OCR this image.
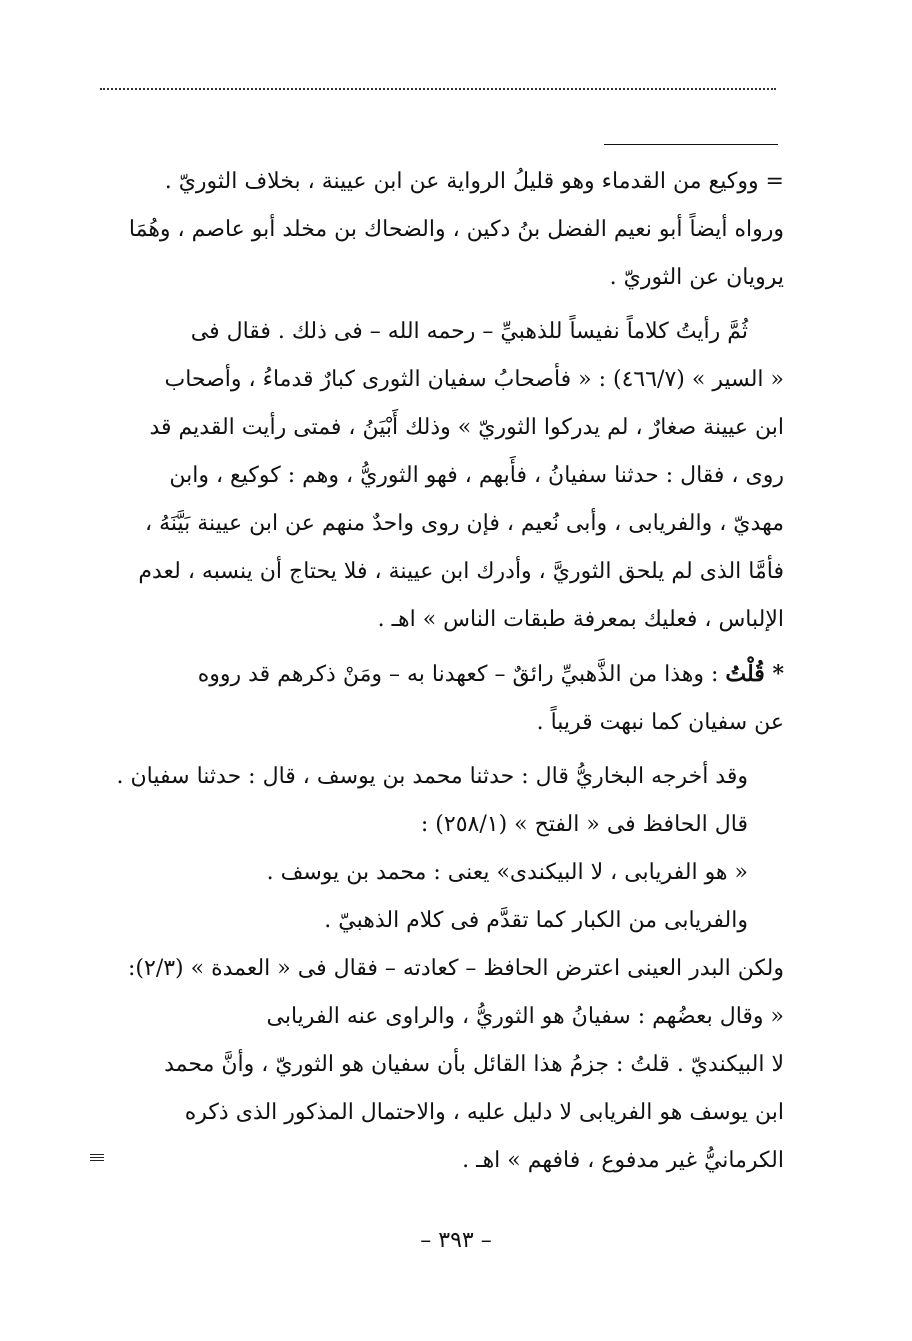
= ووكيع من القدماء وهو قليلُ الرواية عن ابن عيينة ، بخلاف الثوريّ .

ورواه أيضاً أبو نعيم الفضل بنُ دكين ، والضحاك بن مخلد أبو عاصم ، وهُمَا

يرويان عن الثوريّ .

ثُمَّ رأيتُ كلاماً نفيساً للذهبيِّ – رحمه الله – فى ذلك . فقال فى

« السير » (٤٦٦/٧) : « فأصحابُ سفيان الثورى كبارٌ قدماءُ ، وأصحاب

ابن عيينة صغارٌ ، لم يدركوا الثوريّ » وذلك أَبْيَنُ ، فمتى رأيت القديم قد

روى ، فقال : حدثنا سفيانُ ، فأَبهم ، فهو الثوريُّ ، وهم : كوكيع ، وابن

مهديّ ، والفريابى ، وأبى نُعيم ، فإن روى واحدٌ منهم عن ابن عيينة بَيَّنَهُ ،

فأمَّا الذى لم يلحق الثوريَّ ، وأدرك ابن عيينة ، فلا يحتاج أن ينسبه ، لعدم

الإلباس ، فعليك بمعرفة طبقات الناس » اهـ .

* قُلْتُ : وهذا من الذَّهبيِّ رائقٌ – كعهدنا به – ومَنْ ذكرهم قد رووه

عن سفيان كما نبهت قريباً .

وقد أخرجه البخاريُّ قال : حدثنا محمد بن يوسف ، قال : حدثنا سفيان .

قال الحافظ فى « الفتح » (٢٥٨/١) :

« هو الفريابى ، لا البيكندى» يعنى : محمد بن يوسف .

والفريابى من الكبار كما تقدَّم فى كلام الذهبيّ .

ولكن البدر العينى اعترض الحافظ – كعادته – فقال فى « العمدة » (٢/٣):

« وقال بعضُهم : سفيانُ هو الثوريُّ ، والراوى عنه الفريابى

لا البيكنديّ . قلتُ : جزمُ هذا القائل بأن سفيان هو الثوريّ ، وأنَّ محمد

ابن يوسف هو الفريابى لا دليل عليه ، والاحتمال المذكور الذى ذكره

الكرمانيُّ غير مدفوع ، فافهم » اهـ .

– ٣٩٣ –
